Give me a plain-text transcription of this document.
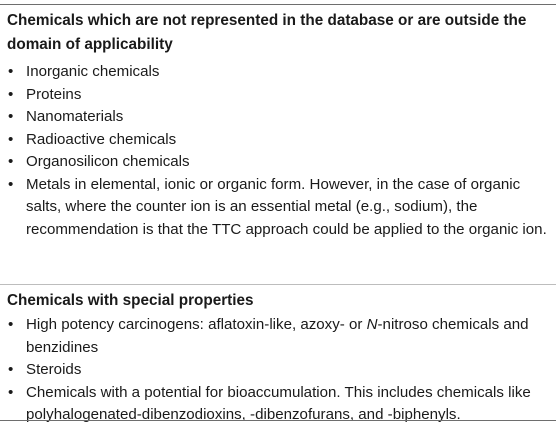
Chemicals which are not represented in the database or are outside the domain of applicability
• Inorganic chemicals
• Proteins
• Nanomaterials
• Radioactive chemicals
• Organosilicon chemicals
• Metals in elemental, ionic or organic form. However, in the case of organic salts, where the counter ion is an essential metal (e.g., sodium), the recommendation is that the TTC approach could be applied to the organic ion.
Chemicals with special properties
• High potency carcinogens: aflatoxin-like, azoxy- or N-nitroso chemicals and benzidines
• Steroids
• Chemicals with a potential for bioaccumulation. This includes chemicals like polyhalogenated-dibenzodioxins, -dibenzofurans, and -biphenyls.
